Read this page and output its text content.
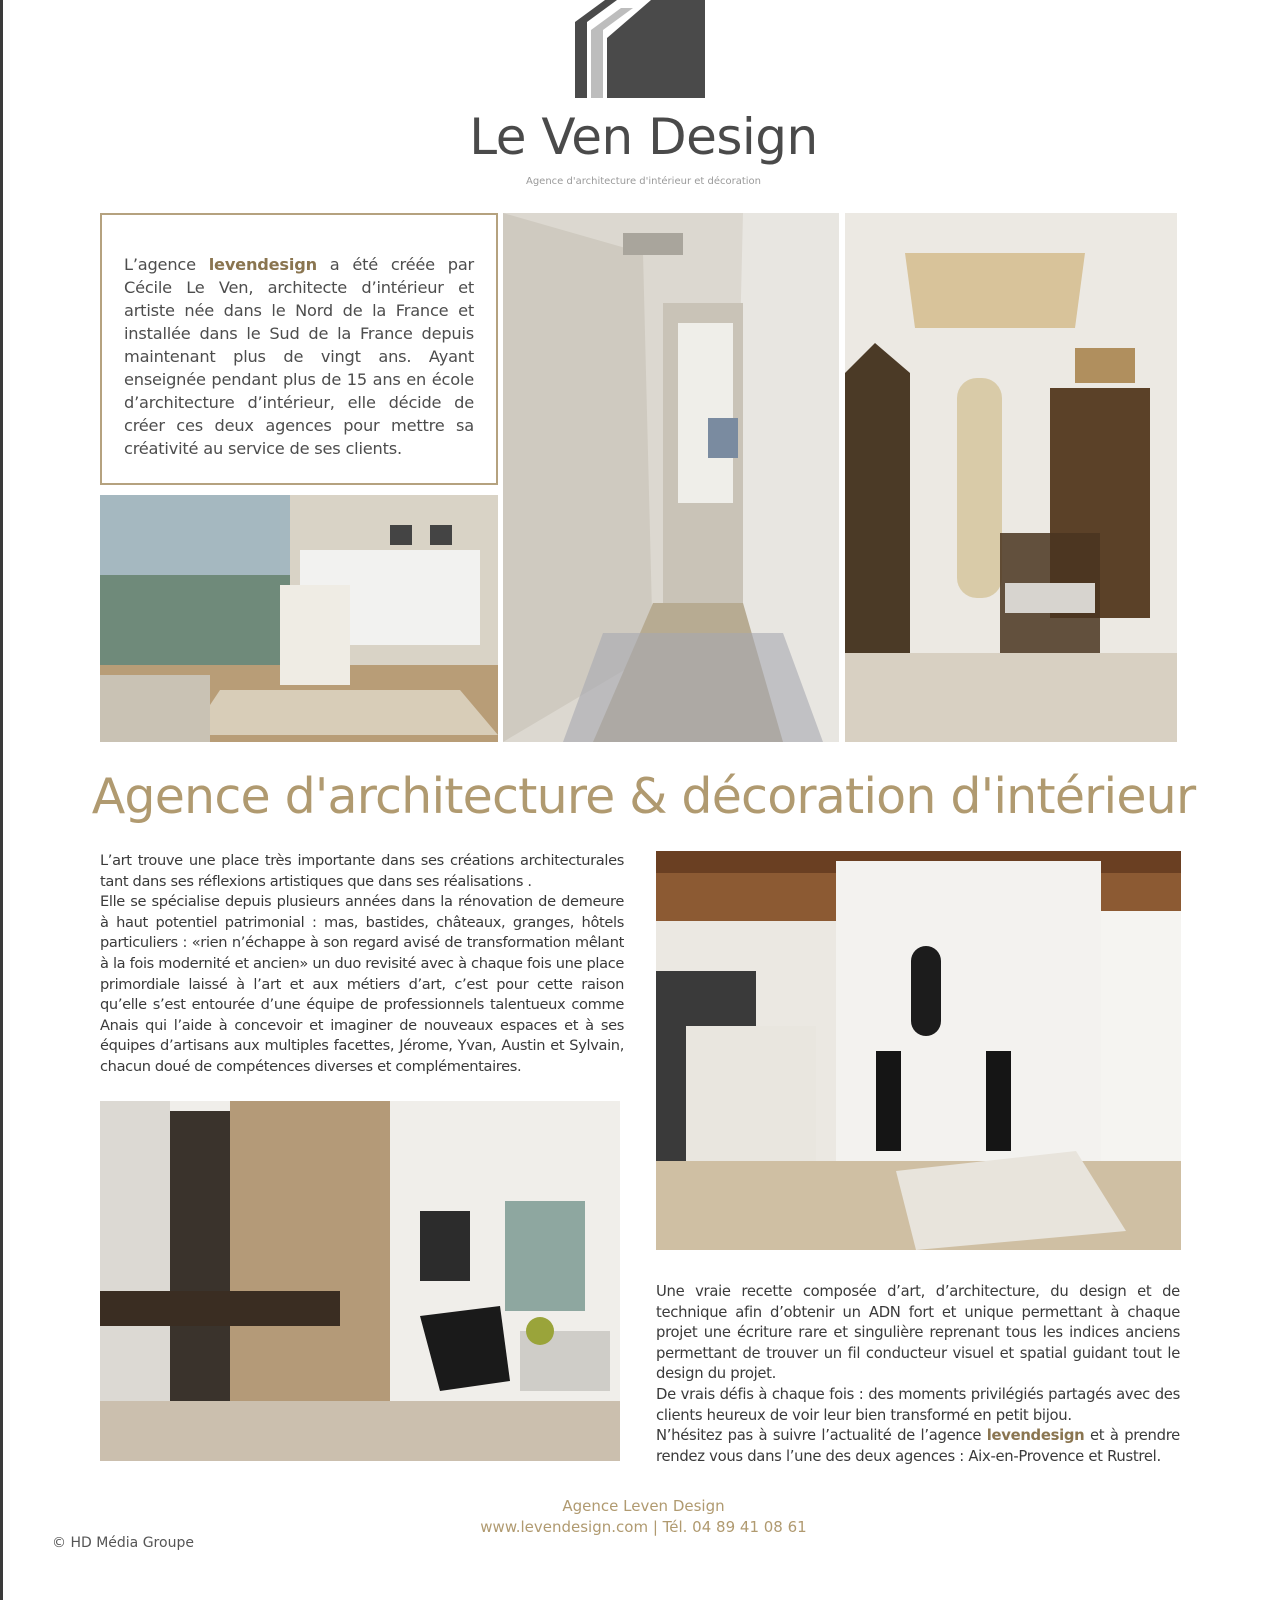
Le Ven Design
Agence d'architecture d'intérieur et décoration
L’agence levendesign a été créée par Cécile Le Ven, architecte d’intérieur et artiste née dans le Nord de la France et installée dans le Sud de la France depuis maintenant plus de vingt ans. Ayant enseignée pendant plus de 15 ans en école d’architecture d’intérieur, elle décide de créer ces deux agences pour mettre sa créativité au service de ses clients.
Agence d'architecture & décoration d'intérieur

L’art trouve une place très importante dans ses créations architecturales tant dans ses réflexions artistiques que dans ses réalisations .

Elle se spécialise depuis plusieurs années dans la rénovation de demeure à haut potentiel patrimonial : mas, bastides, châteaux, granges, hôtels particuliers : «rien n’échappe à son regard avisé de transformation mêlant à la fois modernité et ancien» un duo revisité avec à chaque fois une place primordiale laissé à l’art et aux métiers d’art, c’est pour cette raison qu’elle s’est entourée d’une équipe de professionnels talentueux comme Anais qui l’aide à concevoir et imaginer de nouveaux espaces et à ses équipes d’artisans aux multiples facettes, Jérome, Yvan, Austin et Sylvain, chacun doué de compétences diverses et complémentaires.

Une vraie recette composée d’art, d’architecture, du design et de technique afin d’obtenir un ADN fort et unique permettant à chaque projet une écriture rare et singulière reprenant tous les indices anciens permettant de trouver un fil conducteur visuel et spatial guidant tout le design du projet.

De vrais défis à chaque fois : des moments privilégiés partagés avec des clients heureux de voir leur bien transformé en petit bijou.

N’hésitez pas à suivre l’actualité de l’agence levendesign et à prendre rendez vous dans l’une des deux agences : Aix-en-Provence et Rustrel.

Agence Leven Design
www.levendesign.com | Tél. 04 89 41 08 61
© HD Média Groupe
